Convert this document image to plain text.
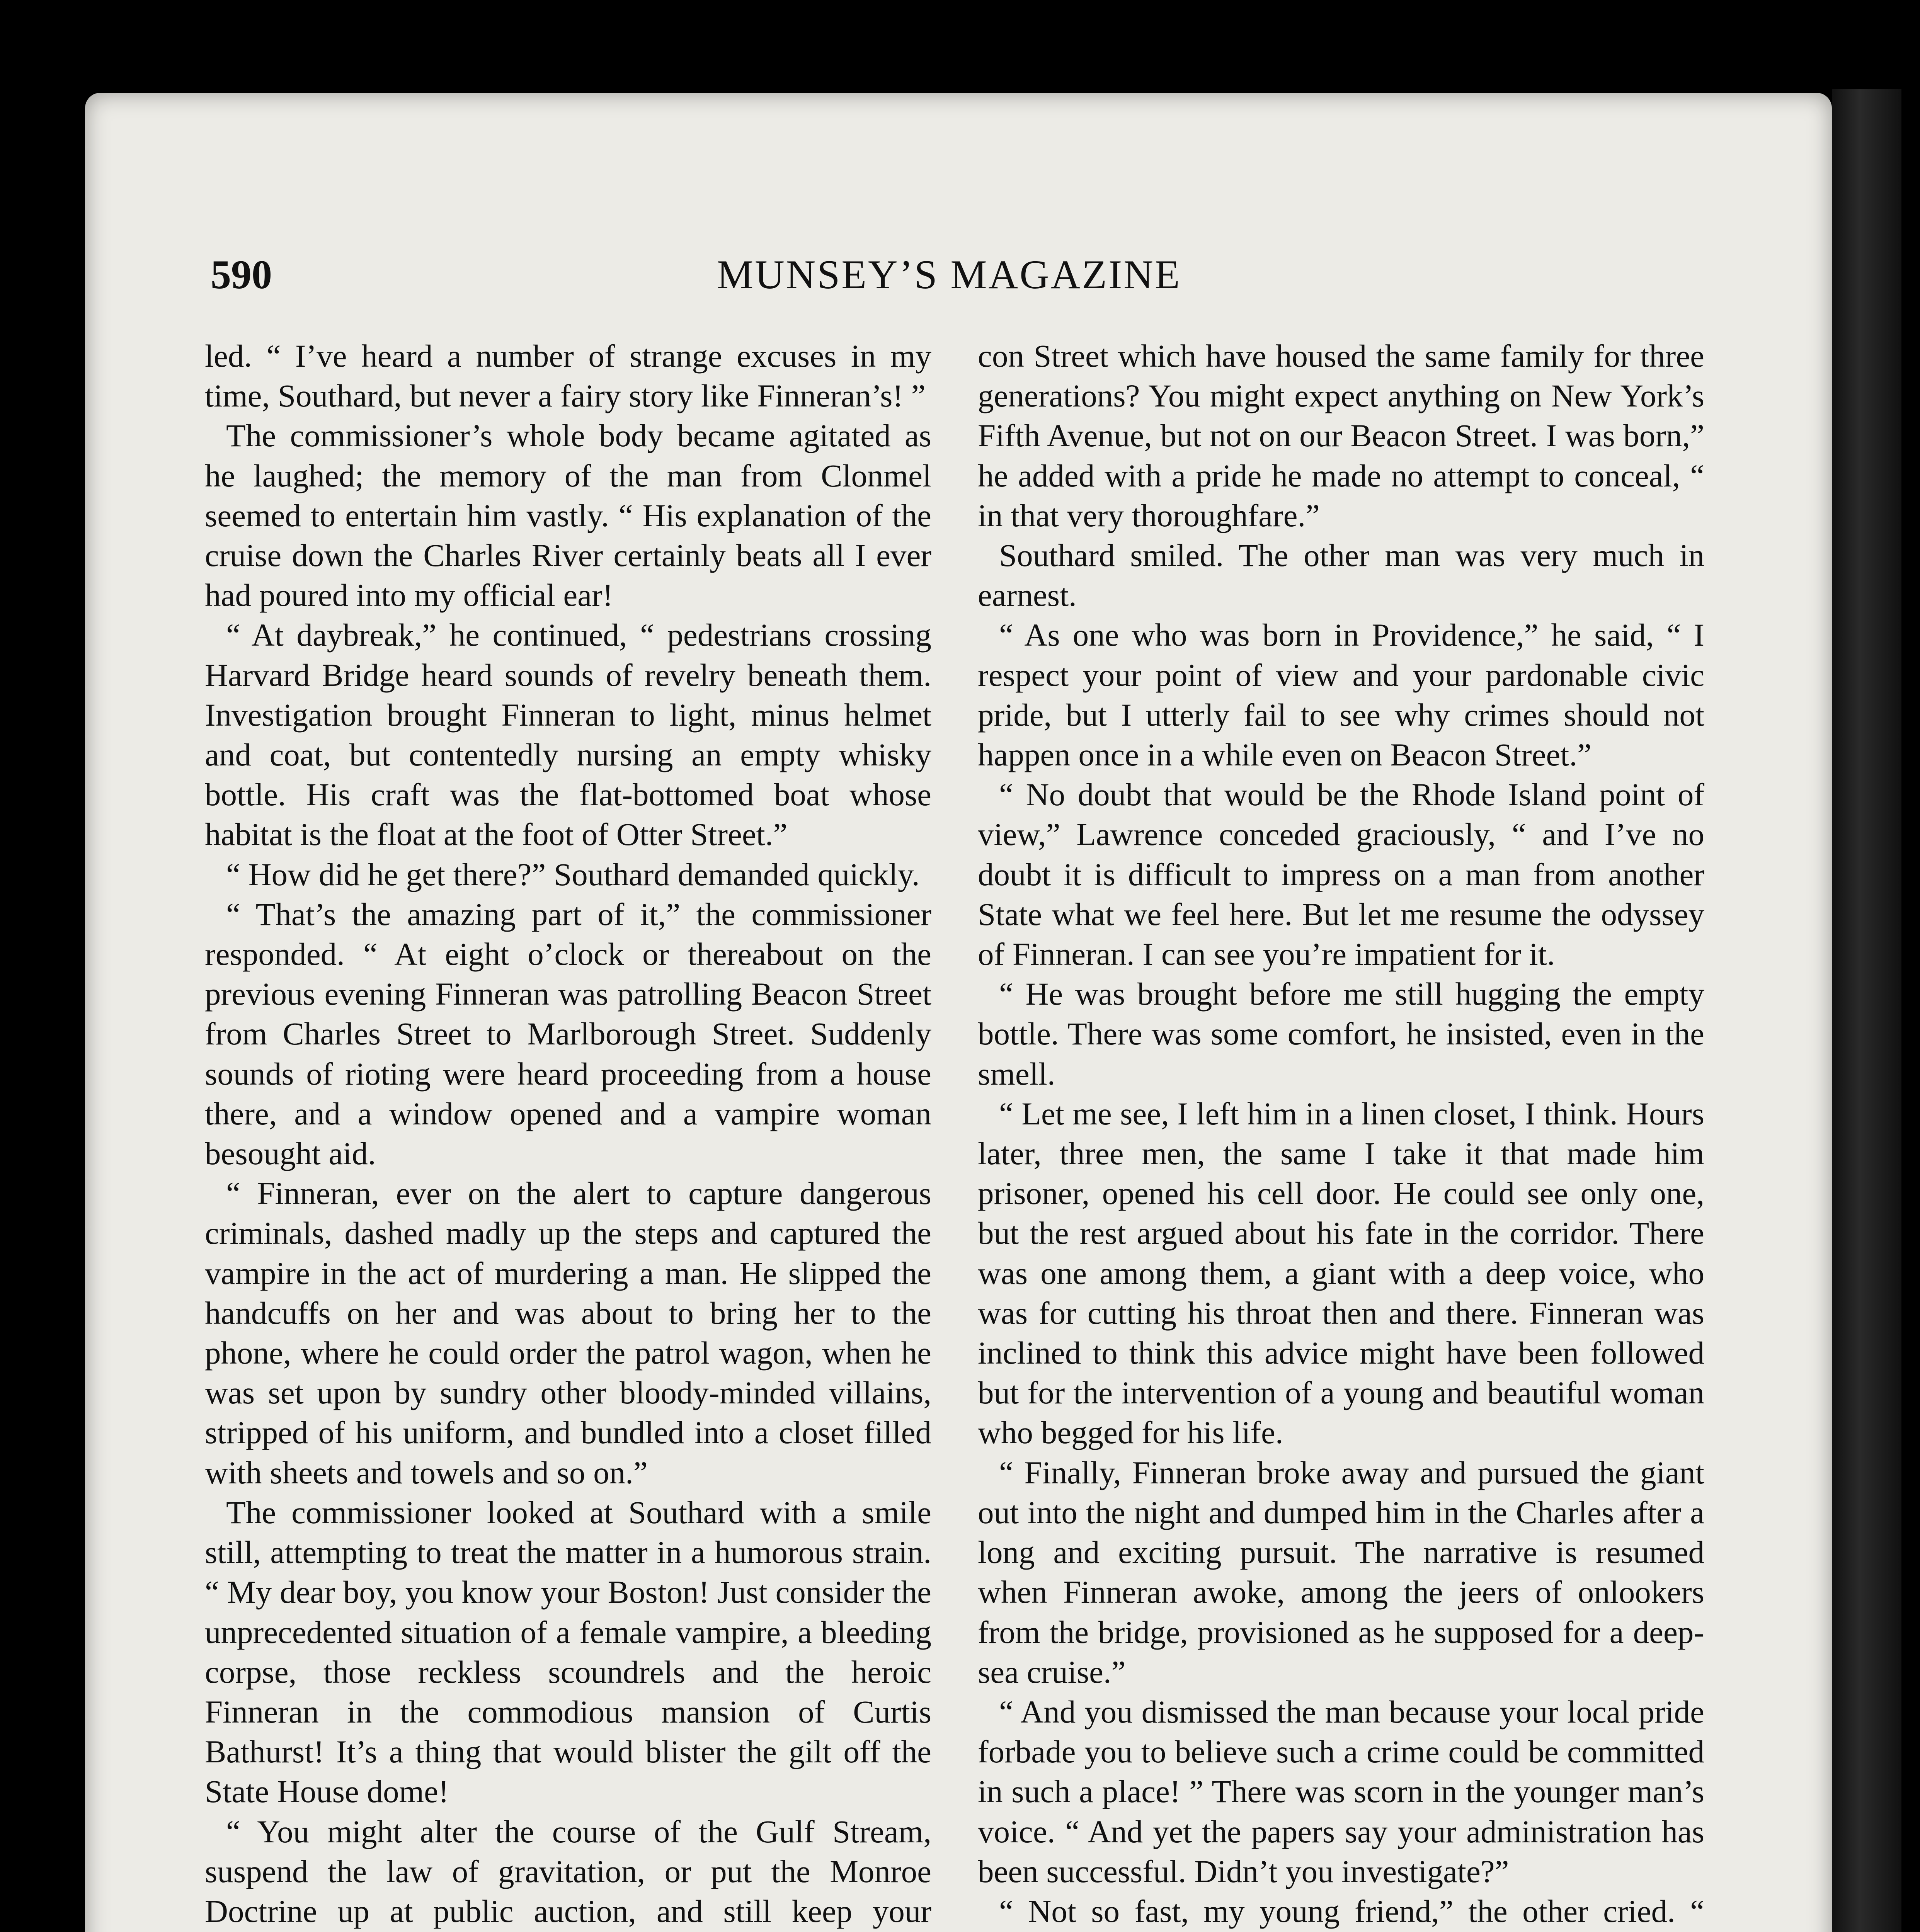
590	MUNSEY’S MAGAZINE

led. “ I’ve heard a number of strange excuses in my time, Southard, but never a fairy story like Finneran’s! ”

The commissioner’s whole body became agitated as he laughed; the memory of the man from Clonmel seemed to entertain him vastly. “ His explanation of the cruise down the Charles River certainly beats all I ever had poured into my official ear!

“ At daybreak,” he continued, “ pedestrians crossing Harvard Bridge heard sounds of revelry beneath them. Investigation brought Finneran to light, minus helmet and coat, but contentedly nursing an empty whisky bottle. His craft was the flat-bottomed boat whose habitat is the float at the foot of Otter Street.”

“ How did he get there?” Southard demanded quickly.

“ That’s the amazing part of it,” the commissioner responded. “ At eight o’clock or thereabout on the previous evening Finneran was patrolling Beacon Street from Charles Street to Marlborough Street. Suddenly sounds of rioting were heard proceeding from a house there, and a window opened and a vampire woman besought aid.

“ Finneran, ever on the alert to capture dangerous criminals, dashed madly up the steps and captured the vampire in the act of murdering a man. He slipped the handcuffs on her and was about to bring her to the phone, where he could order the patrol wagon, when he was set upon by sundry other bloody-minded villains, stripped of his uniform, and bundled into a closet filled with sheets and towels and so on.”

The commissioner looked at Southard with a smile still, attempting to treat the matter in a humorous strain. “ My dear boy, you know your Boston! Just consider the unprecedented situation of a female vampire, a bleeding corpse, those reckless scoundrels and the heroic Finneran in the commodious mansion of Curtis Bathurst! It’s a thing that would blister the gilt off the State House dome!

“ You might alter the course of the Gulf Stream, suspend the law of gravitation, or put the Monroe Doctrine up at public auction, and still keep your

con Street which have housed the same family for three generations? You might expect anything on New York’s Fifth Avenue, but not on our Beacon Street. I was born,” he added with a pride he made no attempt to conceal, “ in that very thoroughfare.”

Southard smiled. The other man was very much in earnest.

“ As one who was born in Providence,” he said, “ I respect your point of view and your pardonable civic pride, but I utterly fail to see why crimes should not happen once in a while even on Beacon Street.”

“ No doubt that would be the Rhode Island point of view,” Lawrence conceded graciously, “ and I’ve no doubt it is difficult to impress on a man from another State what we feel here. But let me resume the odyssey of Finneran. I can see you’re impatient for it.

“ He was brought before me still hugging the empty bottle. There was some comfort, he insisted, even in the smell.

“ Let me see, I left him in a linen closet, I think. Hours later, three men, the same I take it that made him prisoner, opened his cell door. He could see only one, but the rest argued about his fate in the corridor. There was one among them, a giant with a deep voice, who was for cutting his throat then and there. Finneran was inclined to think this advice might have been followed but for the intervention of a young and beautiful woman who begged for his life.

“ Finally, Finneran broke away and pursued the giant out into the night and dumped him in the Charles after a long and exciting pursuit. The narrative is resumed when Finneran awoke, among the jeers of onlookers from the bridge, provisioned as he supposed for a deep-sea cruise.”

“ And you dismissed the man because your local pride forbade you to believe such a crime could be committed in such a place! ” There was scorn in the younger man’s voice. “ And yet the papers say your administration has been successful. Didn’t you investigate?”

“ Not so fast, my young friend,” the other cried. “
